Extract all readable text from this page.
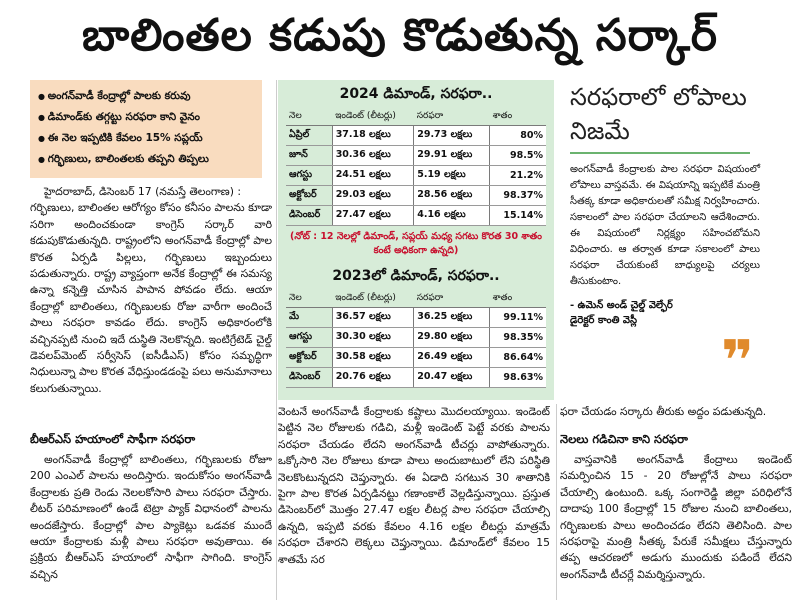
బాలింతల కడుపు కొడుతున్న సర్కార్
● అంగన్‌వాడీ కేంద్రాల్లో పాలకు కరువు
● డిమాండ్‌కు తగ్గట్టు సరఫరా కాని వైనం
● ఈ నెల ఇప్పటికి కేవలం 15% సప్లయ్
● గర్భిణులు, బాలింతలకు తప్పని తిప్పలు

హైదరాబాద్, డిసెంబర్ 17 (నమస్తే తెలంగాణ) :

గర్భిణులు, బాలింతల ఆరోగ్యం కోసం కనీసం పాలను కూడా సరిగా అందించకుండా కాంగ్రెస్ సర్కార్ వారి కడుపుకొడుతున్నది. రాష్ట్రంలోని అంగన్‌వాడీ కేంద్రాల్లో పాల కొరత ఏర్పడి పిల్లలు, గర్భిణులు ఇబ్బందులు పడుతున్నారు. రాష్ట్ర వ్యాప్తంగా అనేక కేంద్రాల్లో ఈ సమస్య ఉన్నా కన్నెత్తి చూసిన పాపాన పోవడం లేదు. ఆయా కేంద్రాల్లో బాలింతలు, గర్భిణులకు రోజు వారీగా అందించే పాలు సరఫరా కావడం లేదు. కాంగ్రెస్ అధికారంలోకి వచ్చినప్పటి నుంచి ఇదే దుస్థితి నెలకొన్నది. ఇంటిగ్రేటెడ్ చైల్డ్ డెవలప్‌మెంట్ సర్వీసెస్ (ఐసీడీఎస్) కోసం సమృద్ధిగా నిధులున్నా పాల కొరత వేధిస్తుండడంపై పలు అనుమానాలు కలుగుతున్నాయి.

బీఆర్ఎస్ హయాంలో సాఫీగా సరఫరా

అంగన్‌వాడీ కేంద్రాల్లో బాలింతలు, గర్భిణులకు రోజూ 200 ఎంఎల్ పాలను అందిస్తారు. ఇందుకోసం అంగన్‌వాడీ కేంద్రాలకు ప్రతి రెండు నెలలకోసారి పాలు సరఫరా చేస్తారు. లీటర్ పరిమాణంలో ఉండే టెట్రా ప్యాక్ విధానంలో పాలను అందజేస్తారు. కేంద్రాల్లో పాల ప్యాకెట్లు ఒడవక ముందే ఆయా కేంద్రాలకు మళ్లీ పాలు సరఫరా అవుతాయి. ఈ ప్రక్రియ బీఆర్ఎస్ హయాంలో సాఫీగా సాగింది. కాంగ్రెస్ వచ్చిన

2024 డిమాండ్, సరఫరా..
నెల	ఇండెంట్ (లీటర్లు)	సరఫరా	శాతం
ఏప్రిల్	37.18 లక్షలు	29.73 లక్షలు	80%
జూన్	30.36 లక్షలు	29.91 లక్షలు	98.5%
ఆగస్టు	24.51 లక్షలు	5.19 లక్షలు	21.2%
అక్టోబర్	29.03 లక్షలు	28.56 లక్షలు	98.37%
డిసెంబర్	27.47 లక్షలు	4.16 లక్షలు	15.14%
(నోట్ : 12 నెలల్లో డిమాండ్, సప్లయ్ మధ్య సగటు కొరత 30 శాతం కంటే అధికంగా ఉన్నది)
2023లో డిమాండ్, సరఫరా..
నెల	ఇండెంట్ (లీటర్లు)	సరఫరా	శాతం
మే	36.57 లక్షలు	36.25 లక్షలు	99.11%
ఆగస్టు	30.30 లక్షలు	29.80 లక్షలు	98.35%
అక్టోబర్	30.58 లక్షలు	26.49 లక్షలు	86.64%
డిసెంబర్	20.76 లక్షలు	20.47 లక్షలు	98.63%
సరఫరాలో లోపాలు నిజమే
అంగన్‌వాడీ కేంద్రాలకు పాల సరఫరా విషయంలో లోపాలు వాస్తవమే. ఈ విషయాన్ని ఇప్పటికే మంత్రి సీతక్క కూడా అధికారులతో సమీక్ష నిర్వహించారు. సకాలంలో పాల సరఫరా చేయాలని ఆదేశించారు. ఈ విషయంలో నిర్లక్ష్యం సహించబోమని విధించారు. ఆ తర్వాత కూడా సకాలంలో పాలు సరఫరా చేయకుంటే బాధ్యులపై చర్యలు తీసుకుంటాం.
- ఉమెన్ అండ్ చైల్డ్ వెల్ఫేర్ డైరెక్టర్ కాంతి వెస్లీ
❞

వెంటనే అంగన్‌వాడీ కేంద్రాలకు కష్టాలు మొదలయ్యాయి. ఇండెంట్ పెట్టిన నెల రోజులకు గడిచి, మళ్లీ ఇండెంట్ పెట్టే వరకు పాలను సరఫరా చేయడం లేదని అంగన్‌వాడీ టీచర్లు వాపోతున్నారు. ఒక్కోసారి నెల రోజులు కూడా పాలు అందుబాటులో లేని పరిస్థితి నెలకొంటున్నదని చెప్తున్నారు. ఈ ఏడాది సగటున 30 శాతానికి పైగా పాల కొరత ఏర్పడినట్టు గణాంకాలే వెల్లడిస్తున్నాయి. ప్రస్తుత డిసెంబర్‌లో మొత్తం 27.47 లక్షల లీటర్ల పాల సరఫరా చేయాల్సి ఉన్నది, ఇప్పటి వరకు కేవలం 4.16 లక్షల లీటర్లు మాత్రమే సరఫరా చేశారని లెక్కలు చెప్తున్నాయి. డిమాండ్‌లో కేవలం 15 శాతమే సర

ఫరా చేయడం సర్కారు తీరుకు అద్దం పడుతున్నది.

నెలలు గడిచినా కాని సరఫరా

వాస్తవానికి అంగన్‌వాడీ కేంద్రాలు ఇండెంట్ సమర్పించిన 15 - 20 రోజుల్లోనే పాలు సరఫరా చేయాల్సి ఉంటుంది. ఒక్క సంగారెడ్డి జిల్లా పరిధిలోనే దాదాపు 100 కేంద్రాల్లో 15 రోజుల నుంచి బాలింతలు, గర్భిణులకు పాలు అందించడం లేదని తెలిసింది. పాల సరఫరాపై మంత్రి సీతక్క పేరుకే సమీక్షలు చేస్తున్నారు తప్ప ఆచరణలో అడుగు ముందుకు పడిందే లేదని అంగన్‌వాడీ టీచర్లే విమర్శిస్తున్నారు.
